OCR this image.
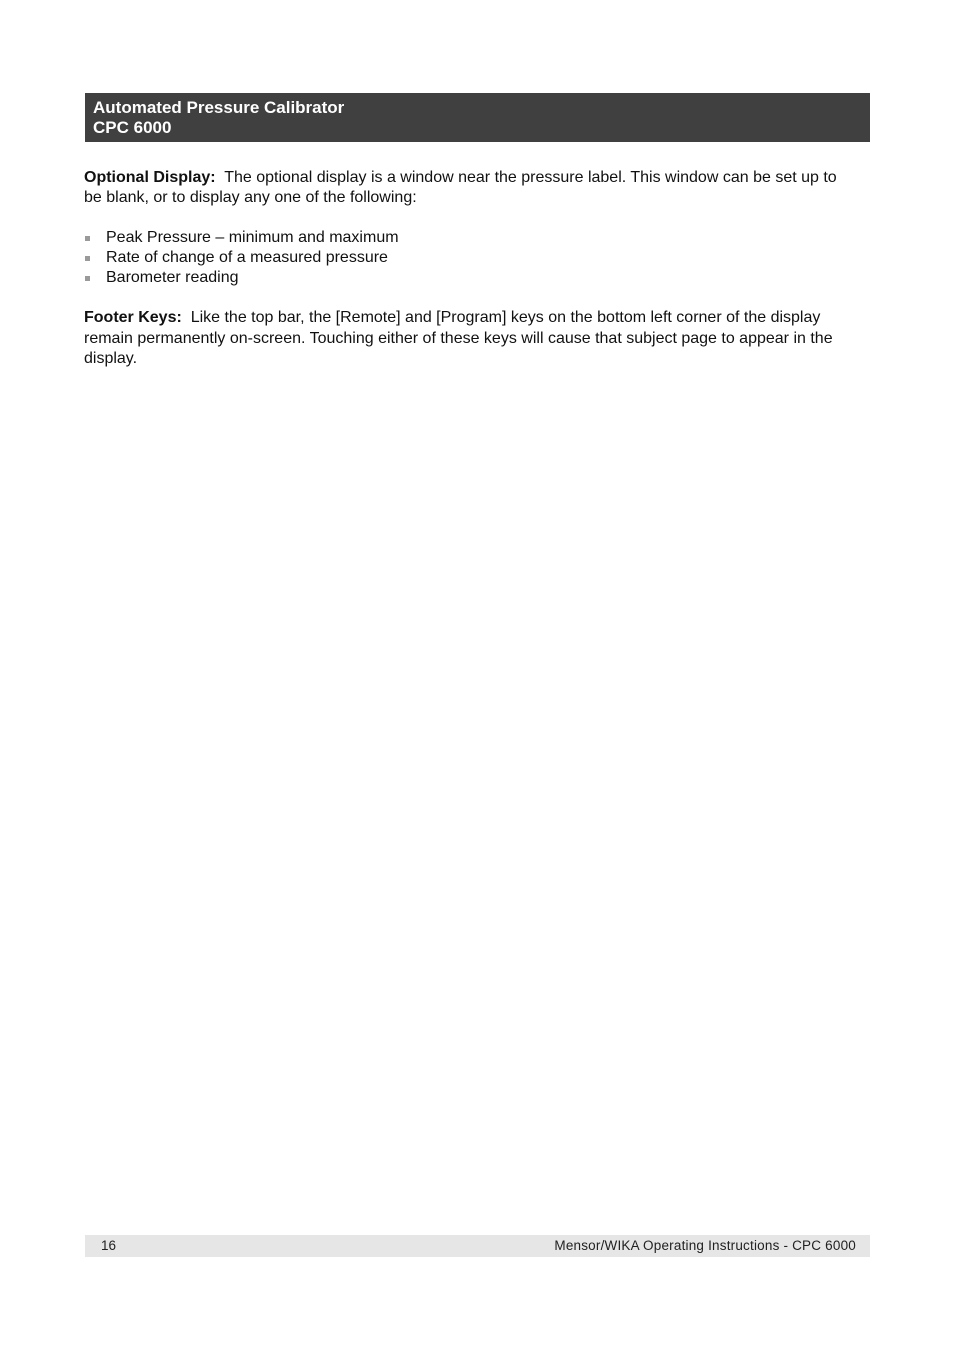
Automated Pressure Calibrator
CPC 6000

Optional Display: The optional display is a window near the pressure label. This window can be set up to be blank, or to display any one of the following:

Peak Pressure – minimum and maximum
Rate of change of a measured pressure
Barometer reading

Footer Keys: Like the top bar, the [Remote] and [Program] keys on the bottom left corner of the display remain permanently on-screen. Touching either of these keys will cause that subject page to appear in the display.

16	Mensor/WIKA Operating Instructions - CPC 6000
